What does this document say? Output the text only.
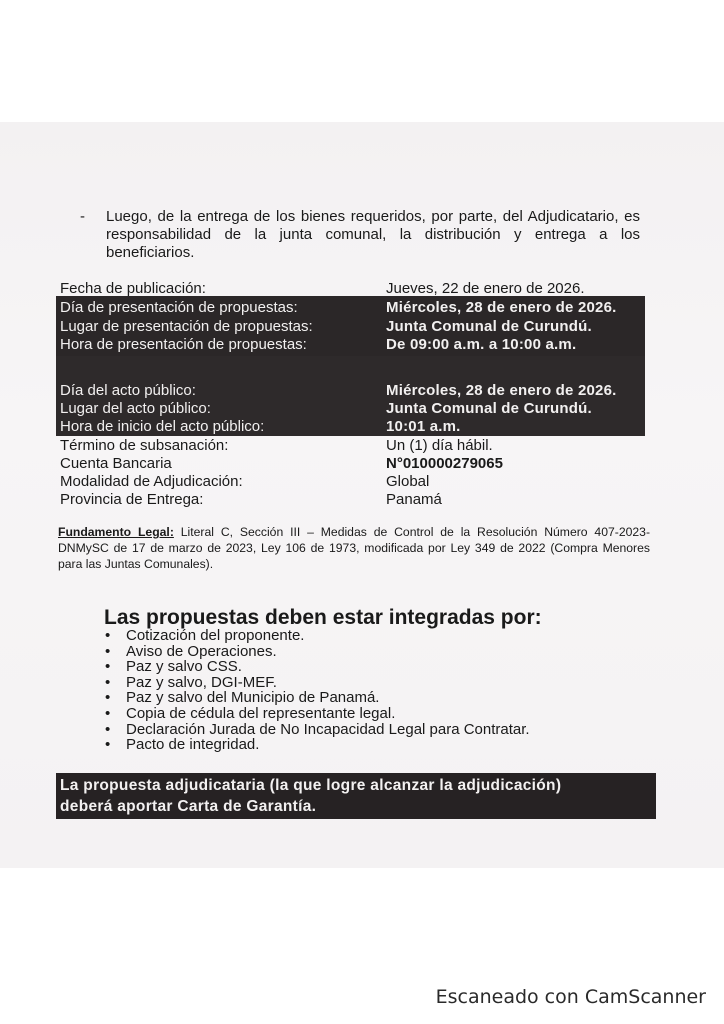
- Luego, de la entrega de los bienes requeridos, por parte, del Adjudicatario, es responsabilidad de la junta comunal, la distribución y entrega a los beneficiarios.
Fecha de publicación:	Jueves, 22 de enero de 2026.
Día de presentación de propuestas:	Miércoles, 28 de enero de 2026.
Lugar de presentación de propuestas:	Junta Comunal de Curundú.
Hora de presentación de propuestas:	De 09:00 a.m. a 10:00 a.m.
Día del acto público:	Miércoles, 28 de enero de 2026.
Lugar del acto público:	Junta Comunal de Curundú.
Hora de inicio del acto público:	10:01 a.m.
Término de subsanación:	Un (1) día hábil.
Cuenta Bancaria	N°010000279065
Modalidad de Adjudicación:	Global
Provincia de Entrega:	Panamá
Fundamento Legal: Literal C, Sección III – Medidas de Control de la Resolución Número 407-2023-DNMySC de 17 de marzo de 2023, Ley 106 de 1973, modificada por Ley 349 de 2022 (Compra Menores para las Juntas Comunales).
Las propuestas deben estar integradas por:
• Cotización del proponente.
• Aviso de Operaciones.
• Paz y salvo CSS.
• Paz y salvo, DGI-MEF.
• Paz y salvo del Municipio de Panamá.
• Copia de cédula del representante legal.
• Declaración Jurada de No Incapacidad Legal para Contratar.
• Pacto de integridad.
La propuesta adjudicataria (la que logre alcanzar la adjudicación)
deberá aportar Carta de Garantía.
Escaneado con CamScanner
